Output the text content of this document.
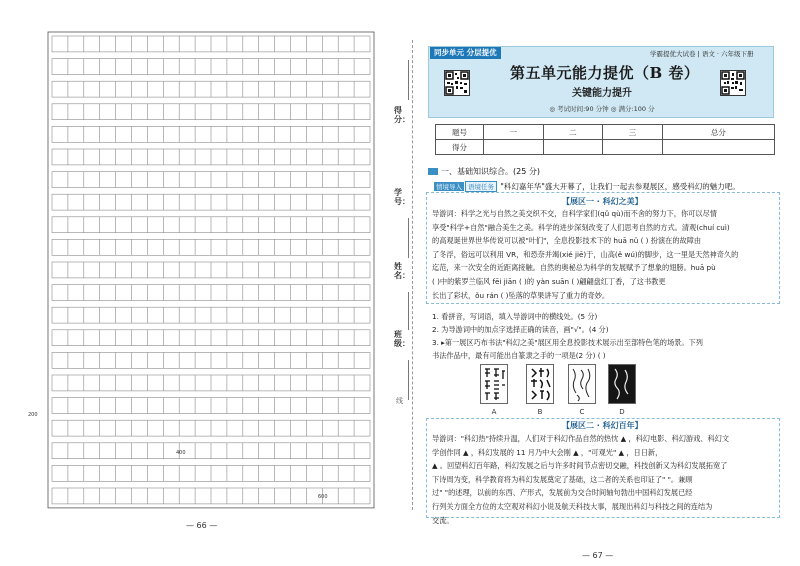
— 66 —
200
400
600
得分：
学号：
姓名：
班级：
线
同步单元 分层提优	学霸提优大试卷 | 语文 · 六年级下册
第五单元能力提优（B 卷）
关键能力提升
◎ 考试时间:90 分钟 ◎ 满分:100 分
题号	一	二	三	总分
得分				
一、基础知识综合。(25 分)
情境导入 语境任务 "科幻嘉年华"盛大开幕了，让我们一起去参观展区，感受科幻的魅力吧。
【展区一 · 科幻之美】
导游词：科学之光与自然之美交织不交，自科学家们(qǔ qù)而不舍的努力下，你可以尽情
享受"科学+自然"融合美生之美。科学的进步深刻改变了人们思考自然的方式。清观(chuí cuì)
的高观诞世界世华传说可以被"叶们"，全息投影技术下的 huā nǔ ( ) 扮演在的故障由
了冬浮，俗远可以利用 VR，和恐奈并竭(xié jiē)于，山高(ě wú)的脚步，这一里是天然神奇久的
迄范，来一次安全的近距离接触。自然的奥秘总为科学的发展赋予了想象的翅膀。huā pù
( )中的紫罗兰临风 fēi jiān ( )的 yàn suān ( )翩翩盘红丁香，了这书教更
长出了彩状，ǒu rán ( )坠落的草果讲写了重力的奇妙。
1. 看拼音，写词语，填入导游词中的横线处。(5 分)
2. 为导游词中的加点字选择正确的读音，画"√"。(4 分)
3. ▸第一展区巧布书法"科幻之美"展区用全息投影技术展示出至部特色笔的场景。下列
书法作品中，最有可能出自篆隶之手的一项是(2 分) ( )
A	B	C	D
【展区二 · 科幻百年】
导游词："科幻热"持续升温，人们对于科幻作品自然的热忱 ▲ ，科幻电影、科幻游戏、科幻文
学创作同 ▲ ，科幻发展的 11 月乃中大会刚 ▲ ，"可观光" ▲ ，日日新，
▲ 。回望科幻百年路，科幻发展之后与许多时间节点密切交融，科技创新又为科幻发展拓宽了
下诗周为变，科学教育将为科幻发展奠定了基础，这二者的关系也印证了" "。兼顾
过" "的述理，以前的东西、产形式，发展前为交合时间轴句勃出中国科幻发展已经
行列关方面全方位的太空观对科幻小说及航天科技大事，展现出科幻与科技之间的连结为
交流。
— 67 —
